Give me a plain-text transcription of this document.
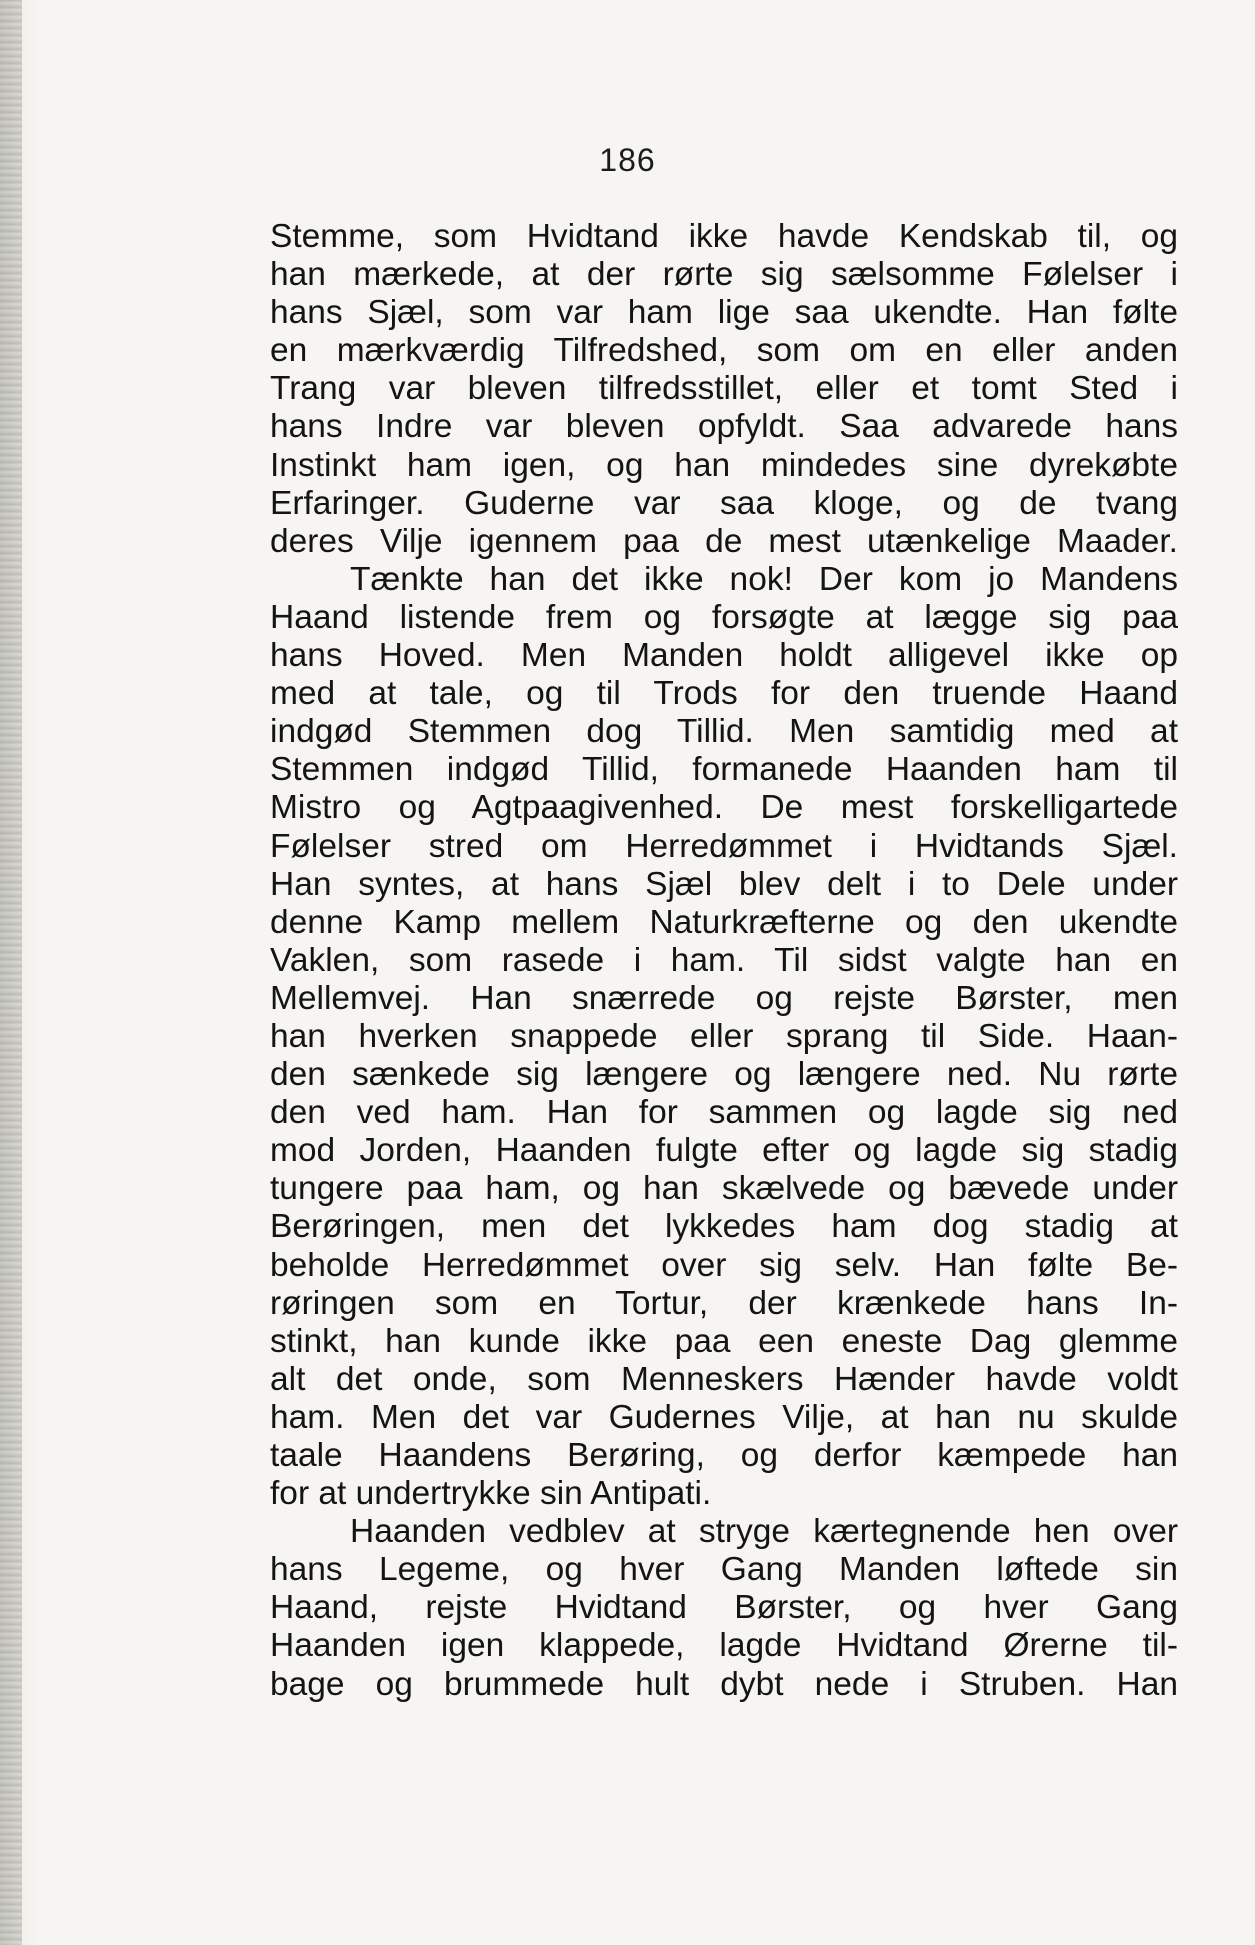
186
Stemme, som Hvidtand ikke havde Kendskab til, og
han mærkede, at der rørte sig sælsomme Følelser i
hans Sjæl, som var ham lige saa ukendte. Han følte
en mærkværdig Tilfredshed, som om en eller anden
Trang var bleven tilfredsstillet, eller et tomt Sted i
hans Indre var bleven opfyldt. Saa advarede hans
Instinkt ham igen, og han mindedes sine dyrekøbte
Erfaringer. Guderne var saa kloge, og de tvang
deres Vilje igennem paa de mest utænkelige Maader.
Tænkte han det ikke nok! Der kom jo Mandens
Haand listende frem og forsøgte at lægge sig paa
hans Hoved. Men Manden holdt alligevel ikke op
med at tale, og til Trods for den truende Haand
indgød Stemmen dog Tillid. Men samtidig med at
Stemmen indgød Tillid, formanede Haanden ham til
Mistro og Agtpaagivenhed. De mest forskelligartede
Følelser stred om Herredømmet i Hvidtands Sjæl.
Han syntes, at hans Sjæl blev delt i to Dele under
denne Kamp mellem Naturkræfterne og den ukendte
Vaklen, som rasede i ham. Til sidst valgte han en
Mellemvej. Han snærrede og rejste Børster, men
han hverken snappede eller sprang til Side. Haan-
den sænkede sig længere og længere ned. Nu rørte
den ved ham. Han for sammen og lagde sig ned
mod Jorden, Haanden fulgte efter og lagde sig stadig
tungere paa ham, og han skælvede og bævede under
Berøringen, men det lykkedes ham dog stadig at
beholde Herredømmet over sig selv. Han følte Be-
røringen som en Tortur, der krænkede hans In-
stinkt, han kunde ikke paa een eneste Dag glemme
alt det onde, som Menneskers Hænder havde voldt
ham. Men det var Gudernes Vilje, at han nu skulde
taale Haandens Berøring, og derfor kæmpede han
for at undertrykke sin Antipati.
Haanden vedblev at stryge kærtegnende hen over
hans Legeme, og hver Gang Manden løftede sin
Haand, rejste Hvidtand Børster, og hver Gang
Haanden igen klappede, lagde Hvidtand Ørerne til-
bage og brummede hult dybt nede i Struben. Han
